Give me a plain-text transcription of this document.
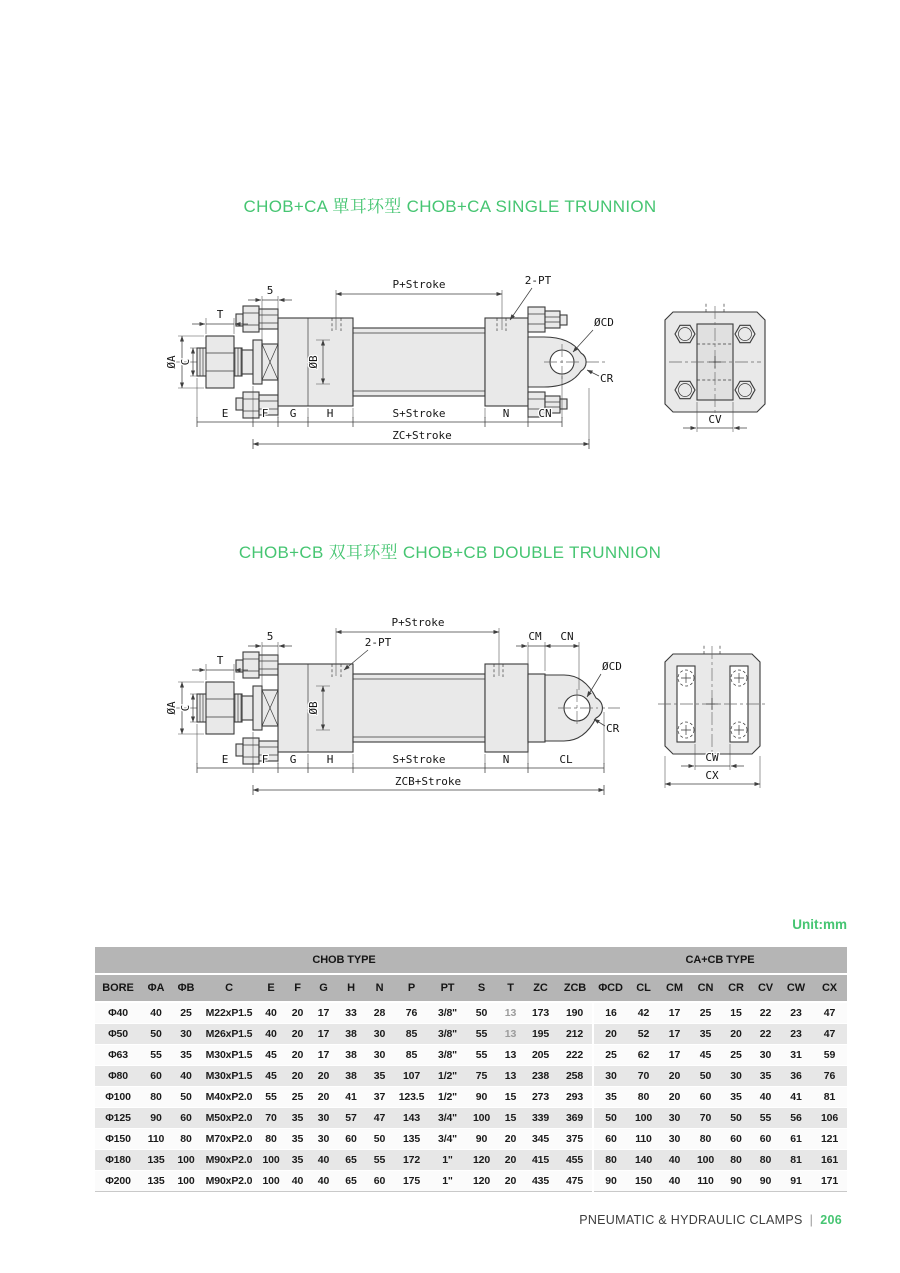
CHOB+CA 單耳环型 CHOB+CA SINGLE TRUNNION
5	P+Stroke	2-PT
T
ØA C	ØB
ØCD
CR
E	F G	H	S+Stroke	N	CN
ZC+Stroke
CV
CHOB+CB 双耳环型 CHOB+CB DOUBLE TRUNNION
5
P+Stroke
2-PT	CM CN
T
ØA C	ØB
ØCD
CR
E	F G	H	S+Stroke	N	CL
ZCB+Stroke
CW
CX
Unit:mm
CHOB TYPE															CA+CB TYPE							
BORE	ΦA	ΦB	C	E	F	G	H	N	P	PT	S	T	ZC	ZCB	ΦCD	CL	CM	CN	CR	CV	CW	CX
Φ40	40	25	M22xP1.5	40	20	17	33	28	76	3/8"	50	13	173	190	16	42	17	25	15	22	23	47
Φ50	50	30	M26xP1.5	40	20	17	38	30	85	3/8"	55	13	195	212	20	52	17	35	20	22	23	47
Φ63	55	35	M30xP1.5	45	20	17	38	30	85	3/8"	55	13	205	222	25	62	17	45	25	30	31	59
Φ80	60	40	M30xP1.5	45	20	20	38	35	107	1/2"	75	13	238	258	30	70	20	50	30	35	36	76
Φ100	80	50	M40xP2.0	55	25	20	41	37	123.5	1/2"	90	15	273	293	35	80	20	60	35	40	41	81
Φ125	90	60	M50xP2.0	70	35	30	57	47	143	3/4"	100	15	339	369	50	100	30	70	50	55	56	106
Φ150	110	80	M70xP2.0	80	35	30	60	50	135	3/4"	90	20	345	375	60	110	30	80	60	60	61	121
Φ180	135	100	M90xP2.0	100	35	40	65	55	172	1"	120	20	415	455	80	140	40	100	80	80	81	161
Φ200	135	100	M90xP2.0	100	40	40	65	60	175	1"	120	20	435	475	90	150	40	110	90	90	91	171
PNEUMATIC & HYDRAULIC CLAMPS | 206
